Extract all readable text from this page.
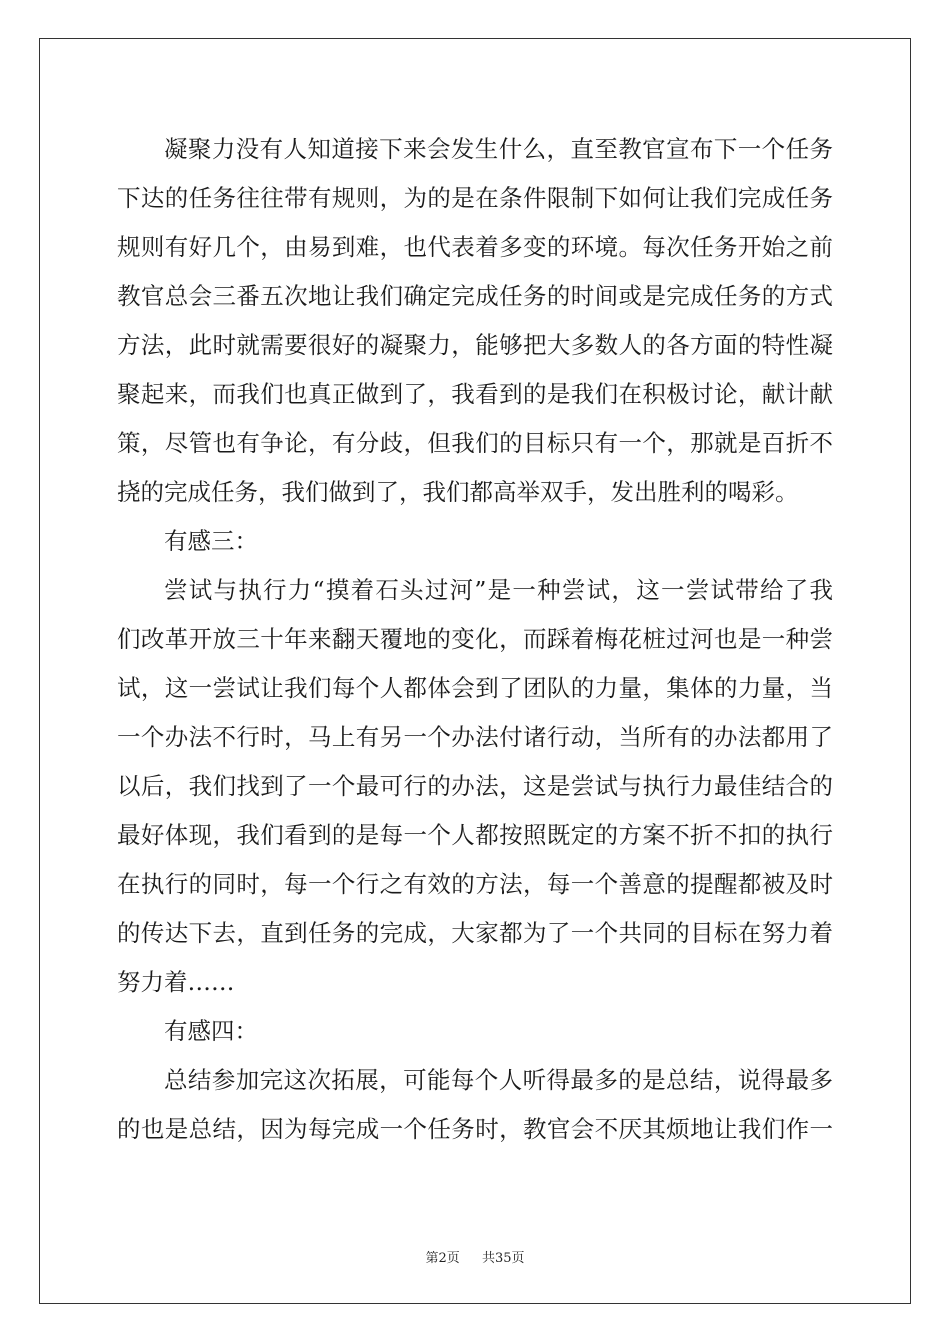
凝聚力没有人知道接下来会发生什么，直至教官宣布下一个任务
下达的任务往往带有规则，为的是在条件限制下如何让我们完成任务
规则有好几个，由易到难，也代表着多变的环境。每次任务开始之前
教官总会三番五次地让我们确定完成任务的时间或是完成任务的方式
方法，此时就需要很好的凝聚力，能够把大多数人的各方面的特性凝
聚起来，而我们也真正做到了，我看到的是我们在积极讨论，献计献
策，尽管也有争论，有分歧，但我们的目标只有一个，那就是百折不
挠的完成任务，我们做到了，我们都高举双手，发出胜利的喝彩。
有感三：
尝试与执行力“摸着石头过河”是一种尝试，这一尝试带给了我
们改革开放三十年来翻天覆地的变化，而踩着梅花桩过河也是一种尝
试，这一尝试让我们每个人都体会到了团队的力量，集体的力量，当
一个办法不行时，马上有另一个办法付诸行动，当所有的办法都用了
以后，我们找到了一个最可行的办法，这是尝试与执行力最佳结合的
最好体现，我们看到的是每一个人都按照既定的方案不折不扣的执行
在执行的同时，每一个行之有效的方法，每一个善意的提醒都被及时
的传达下去，直到任务的完成，大家都为了一个共同的目标在努力着
努力着……
有感四：
总结参加完这次拓展，可能每个人听得最多的是总结，说得最多
的也是总结，因为每完成一个任务时，教官会不厌其烦地让我们作一
第2页 共35页
